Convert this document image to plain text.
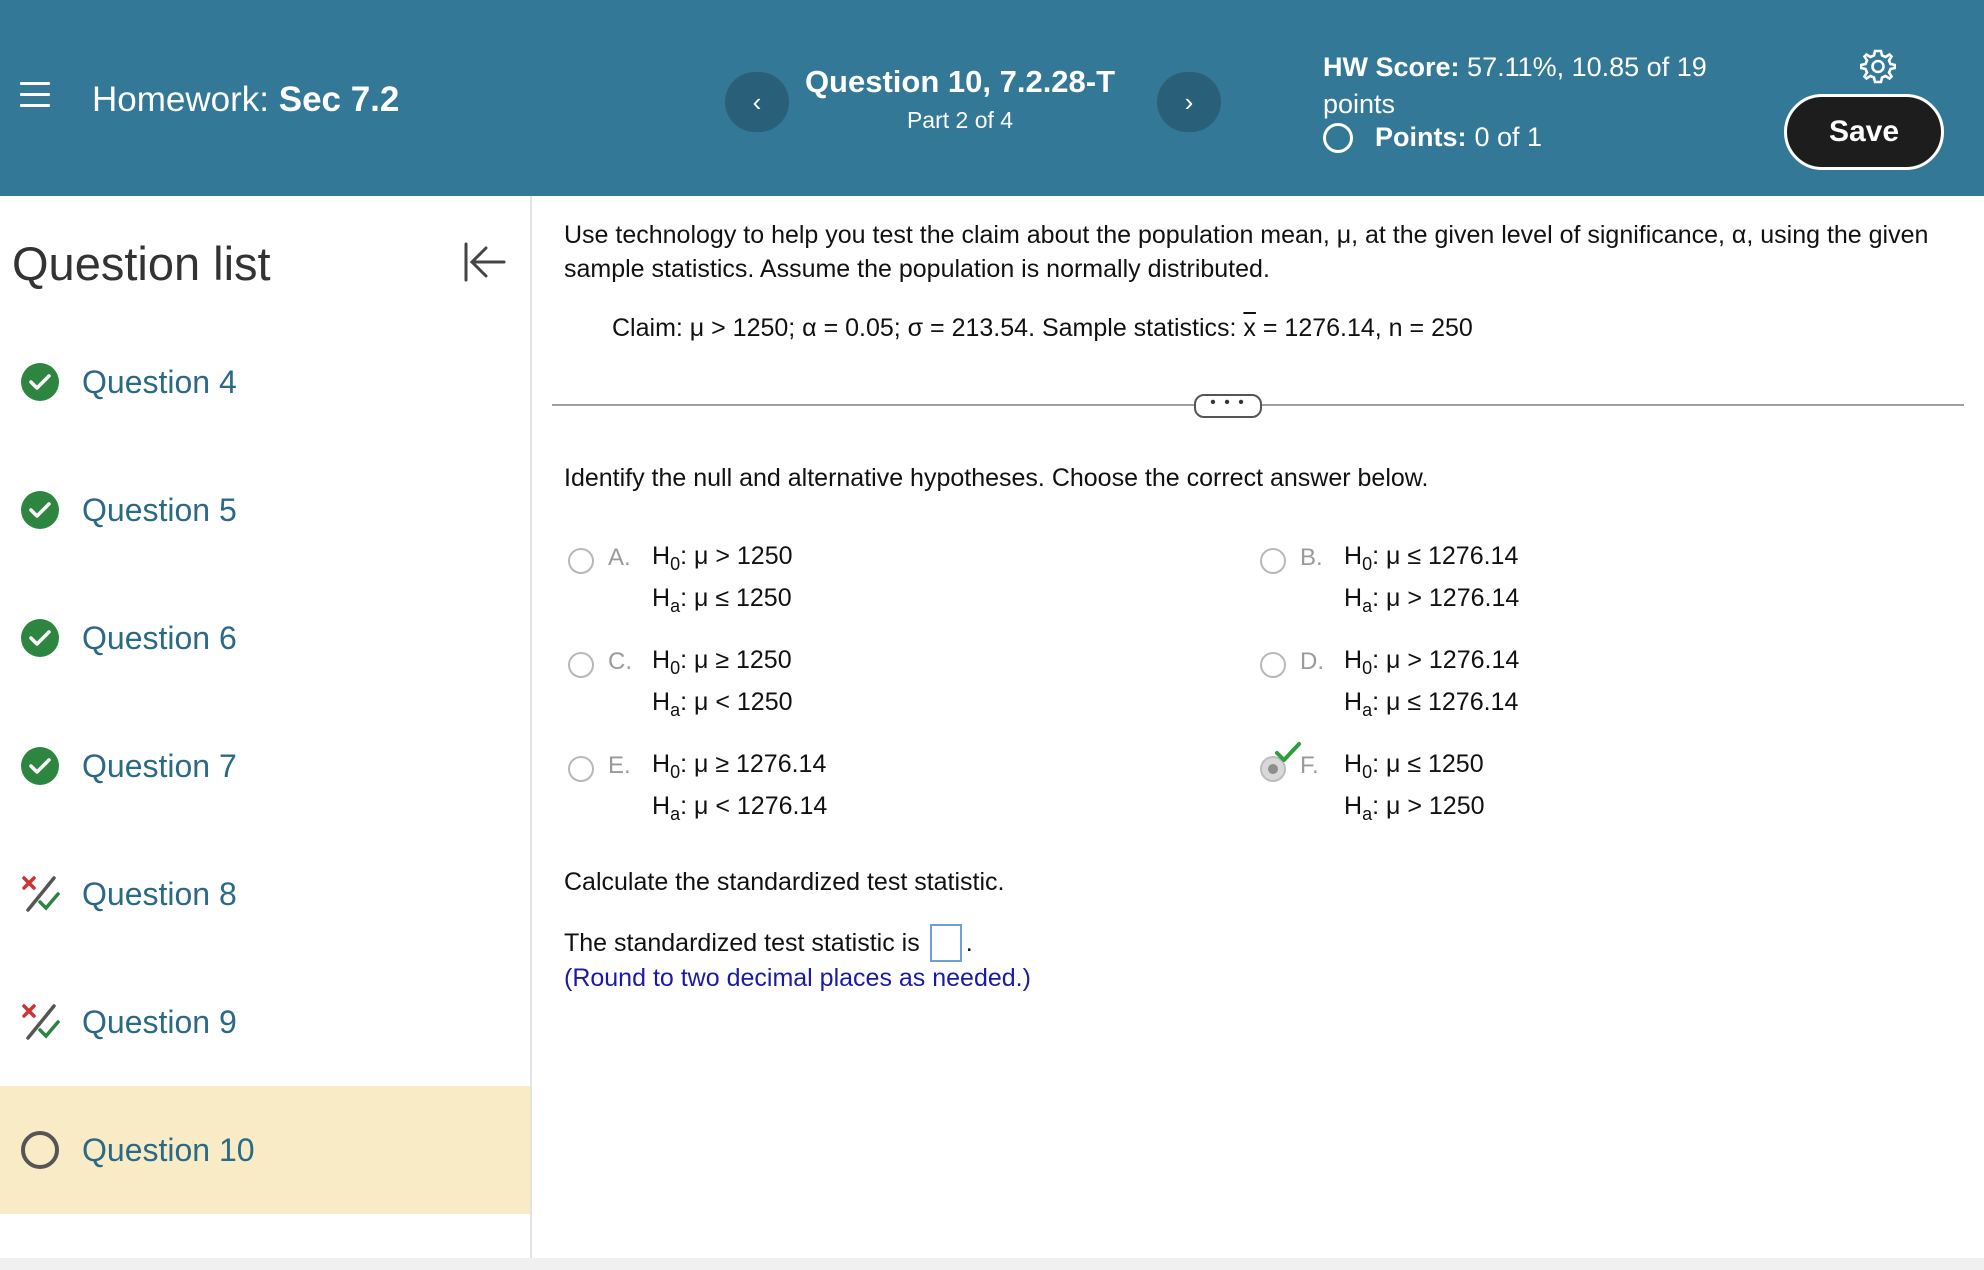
Homework: Sec 7.2	‹
Question 10, 7.2.28-T
Part 2 of 4
›
HW Score: 57.11%, 10.85 of 19 points
Points: 0 of 1	Save
Question list
Question 4
Question 5
Question 6
Question 7
Question 8
Question 9
Question 10
Use technology to help you test the claim about the population mean, μ, at the given level of significance, α, using the given sample statistics. Assume the population is normally distributed.
Claim: μ > 1250; α = 0.05; σ = 213.54. Sample statistics: $\overline{x} = 1276.14$, n = 250
• • •
Identify the null and alternative hypotheses. Choose the correct answer below.
A. $H_0$: μ > 1250
$H_a$: μ ≤ 1250
B. $H_0$: μ ≤ 1276.14
$H_a$: μ > 1276.14
C. $H_0$: μ ≥ 1250
$H_a$: μ < 1250
D. $H_0$: μ > 1276.14
$H_a$: μ ≤ 1276.14
E. $H_0$: μ ≥ 1276.14
$H_a$: μ < 1276.14
F. $H_0$: μ ≤ 1250
$H_a$: μ > 1250
Calculate the standardized test statistic.
The standardized test statistic is .
(Round to two decimal places as needed.)
